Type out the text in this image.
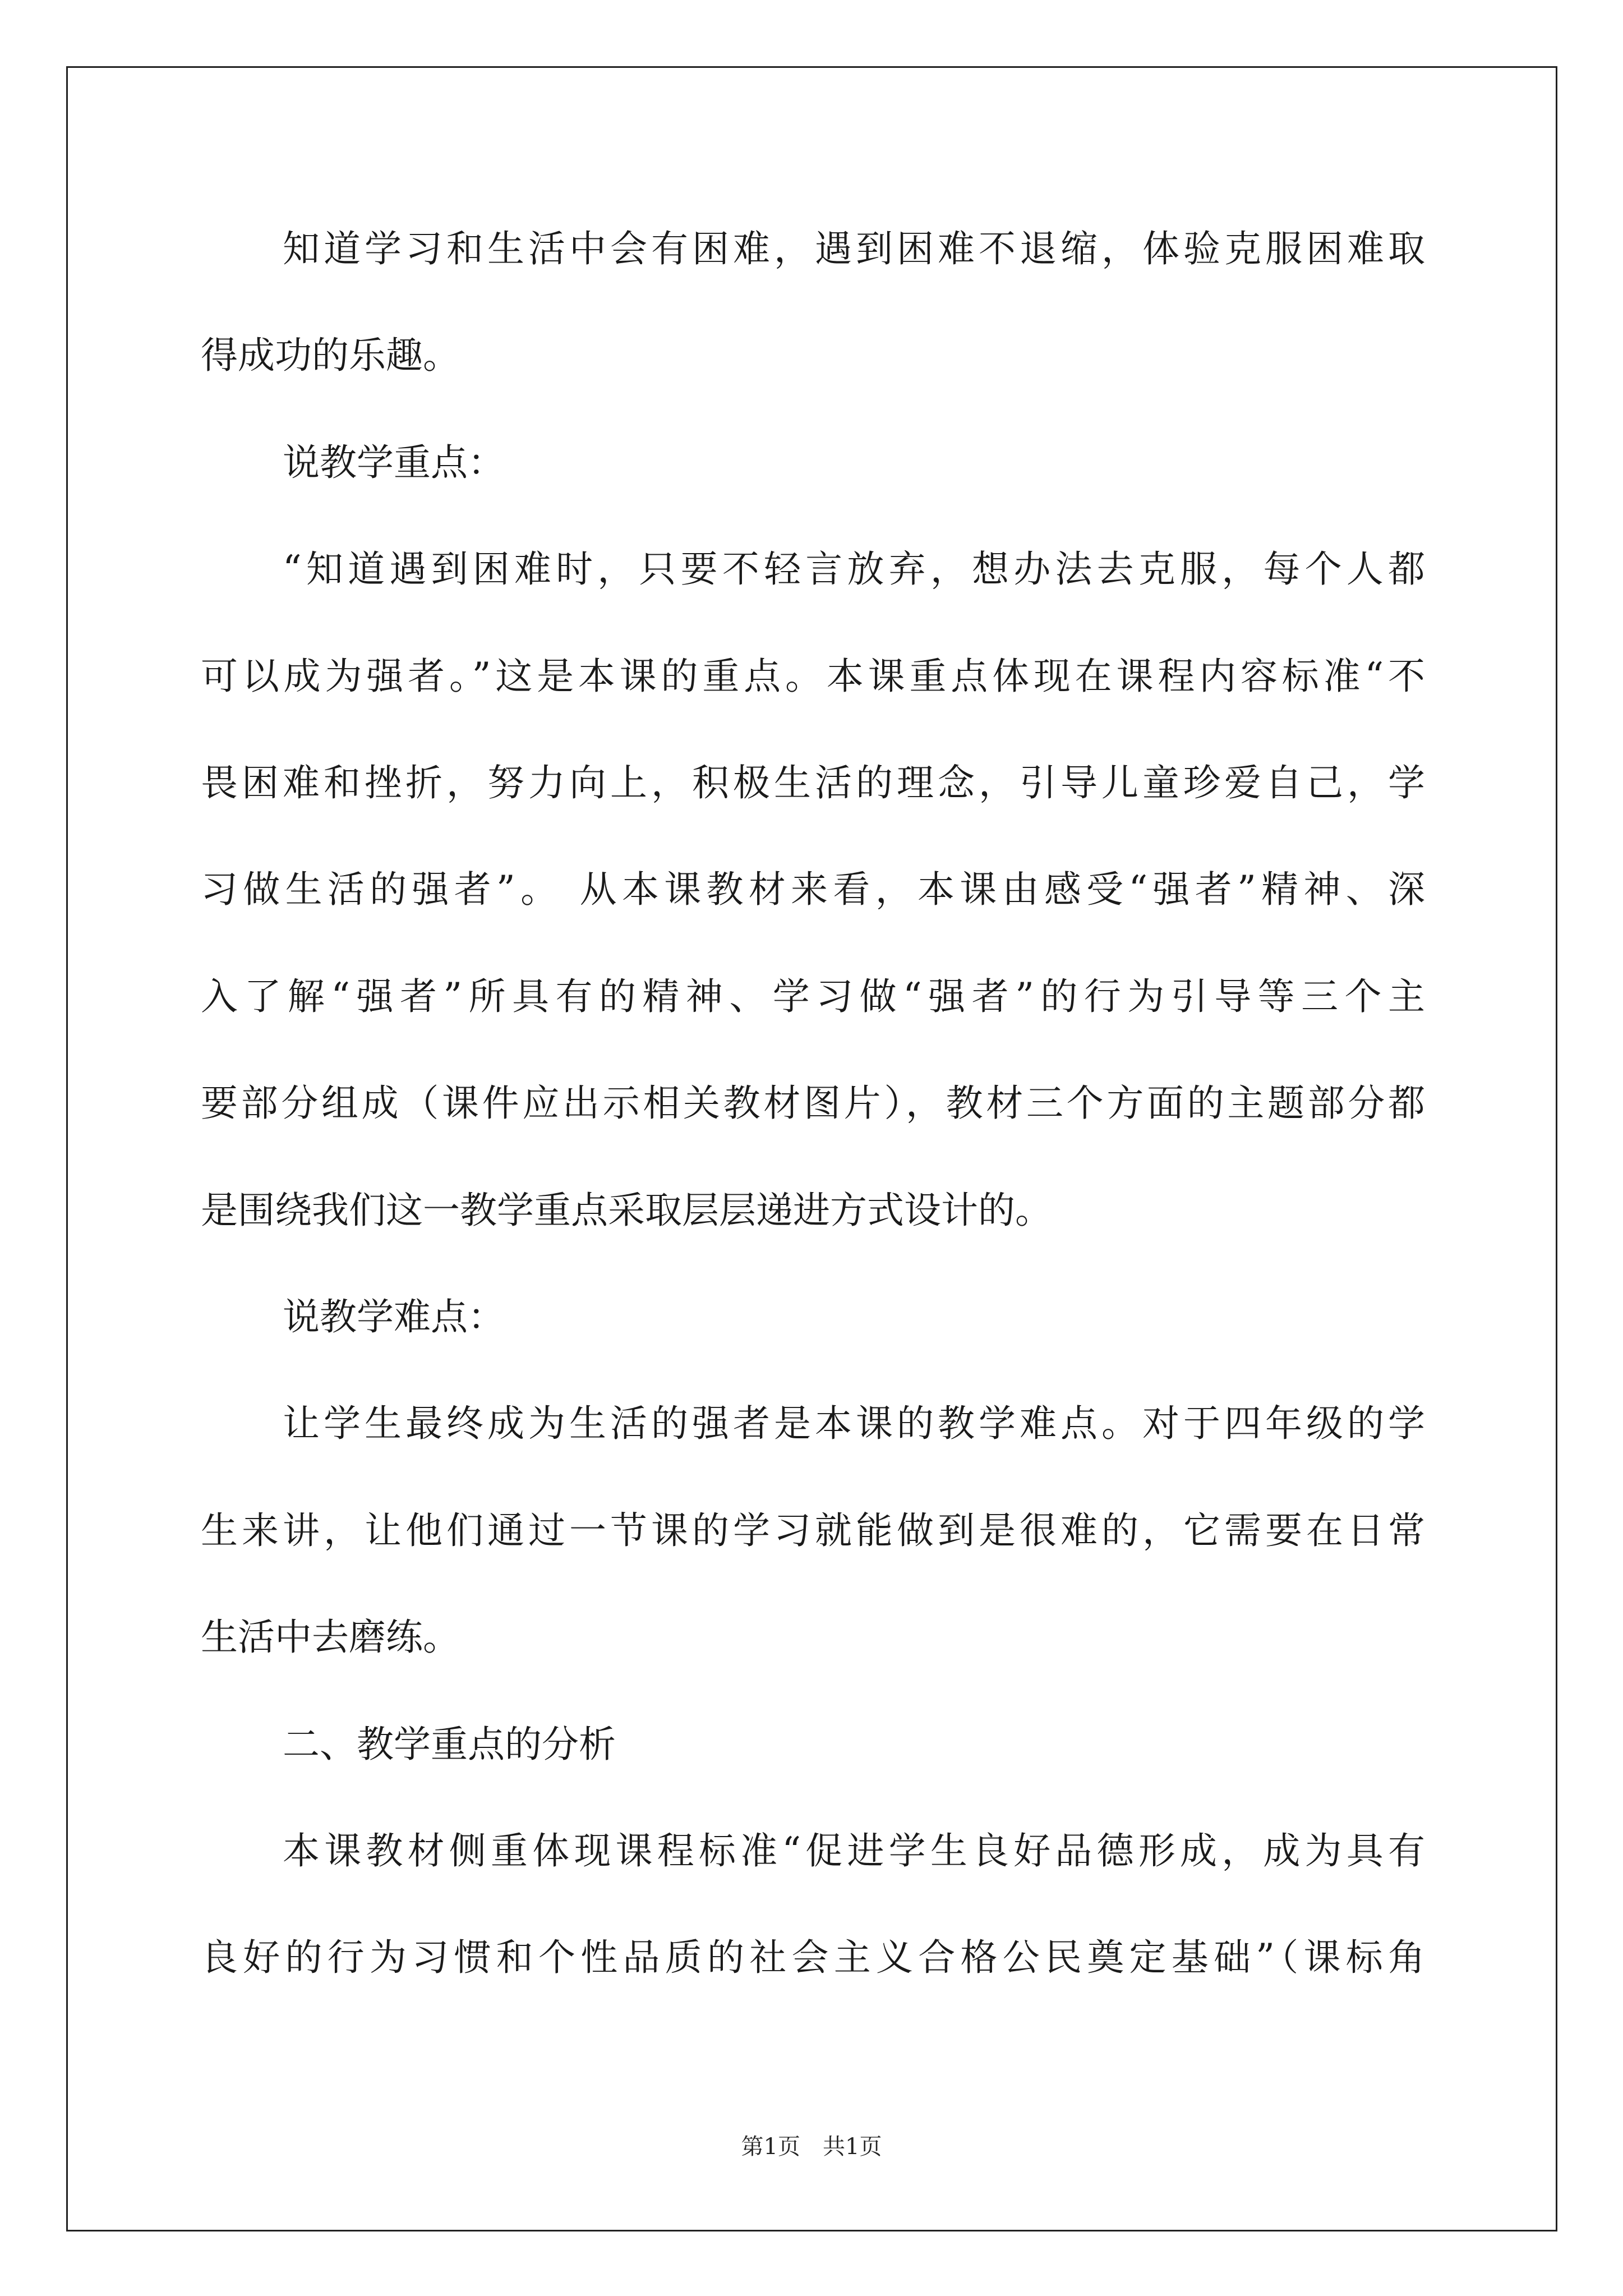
知道学习和生活中会有困难，遇到困难不退缩，体验克服困难取
得成功的乐趣。
说教学重点：
“知道遇到困难时，只要不轻言放弃，想办法去克服，每个人都
可以成为强者。”这是本课的重点。本课重点体现在课程内容标准“不
畏困难和挫折，努力向上，积极生活的理念，引导儿童珍爱自己，学
习做生活的强者”。 从本课教材来看，本课由感受“强者”精神、深
入了解“强者”所具有的精神、学习做“强者”的行为引导等三个主
要部分组成（课件应出示相关教材图片），教材三个方面的主题部分都
是围绕我们这一教学重点采取层层递进方式设计的。
说教学难点：
让学生最终成为生活的强者是本课的教学难点。对于四年级的学
生来讲，让他们通过一节课的学习就能做到是很难的，它需要在日常
生活中去磨练。
二、教学重点的分析
本课教材侧重体现课程标准“促进学生良好品德形成，成为具有
良好的行为习惯和个性品质的社会主义合格公民奠定基础”（课标角
第1页　共1页
